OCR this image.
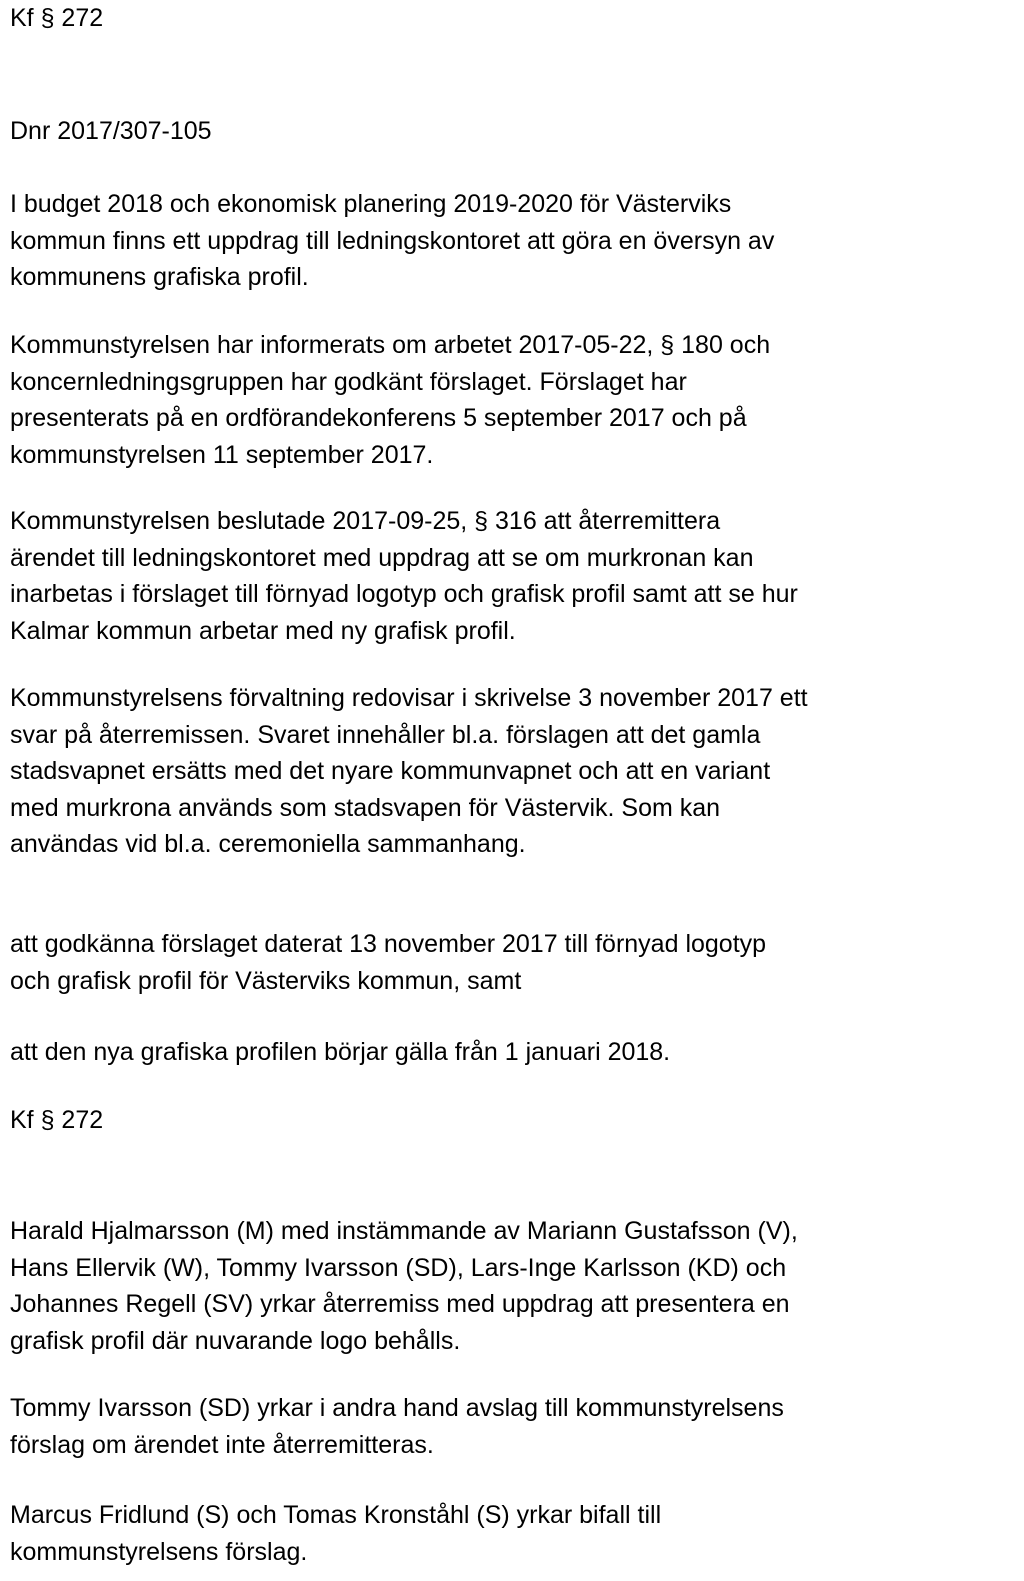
Kf § 272

Dnr 2017/307-105

I budget 2018 och ekonomisk planering 2019-2020 för Västerviks
kommun finns ett uppdrag till ledningskontoret att göra en översyn av
kommunens grafiska profil.

Kommunstyrelsen har informerats om arbetet 2017-05-22, § 180 och
koncernledningsgruppen har godkänt förslaget. Förslaget har
presenterats på en ordförandekonferens 5 september 2017 och på
kommunstyrelsen 11 september 2017.

Kommunstyrelsen beslutade 2017-09-25, § 316 att återremittera
ärendet till ledningskontoret med uppdrag att se om murkronan kan
inarbetas i förslaget till förnyad logotyp och grafisk profil samt att se hur
Kalmar kommun arbetar med ny grafisk profil.

Kommunstyrelsens förvaltning redovisar i skrivelse 3 november 2017 ett
svar på återremissen. Svaret innehåller bl.a. förslagen att det gamla
stadsvapnet ersätts med det nyare kommunvapnet och att en variant
med murkrona används som stadsvapen för Västervik. Som kan
användas vid bl.a. ceremoniella sammanhang.

att godkänna förslaget daterat 13 november 2017 till förnyad logotyp
och grafisk profil för Västerviks kommun, samt

att den nya grafiska profilen börjar gälla från 1 januari 2018.

Kf § 272

Harald Hjalmarsson (M) med instämmande av Mariann Gustafsson (V),
Hans Ellervik (W), Tommy Ivarsson (SD), Lars-Inge Karlsson (KD) och
Johannes Regell (SV) yrkar återremiss med uppdrag att presentera en
grafisk profil där nuvarande logo behålls.

Tommy Ivarsson (SD) yrkar i andra hand avslag till kommunstyrelsens
förslag om ärendet inte återremitteras.

Marcus Fridlund (S) och Tomas Kronståhl (S) yrkar bifall till
kommunstyrelsens förslag.
